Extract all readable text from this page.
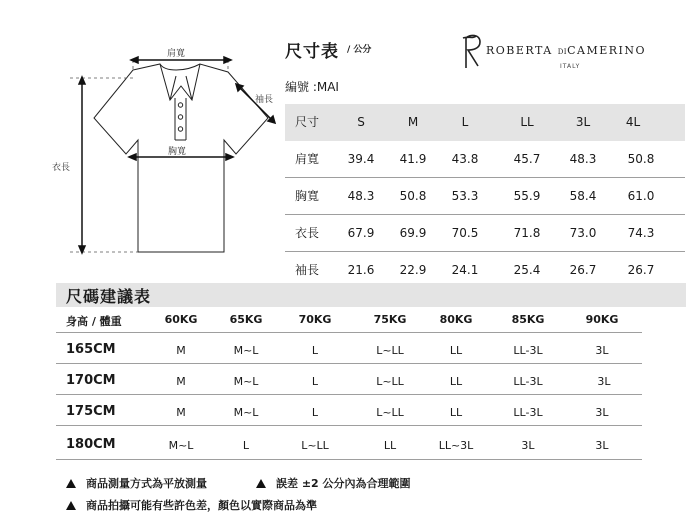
肩寬
袖長
胸寬
衣長
尺寸表 / 公分
編號 :MAI
ROBERTA DICAMERINO
ITALY
尺寸	S	M	L	LL	3L	4L
肩寬	39.4	41.9	43.8	45.7	48.3	50.8
胸寬	48.3	50.8	53.3	55.9	58.4	61.0
衣長	67.9	69.9	70.5	71.8	73.0	74.3
袖長	21.6	22.9	24.1	25.4	26.7	26.7
尺碼建議表
身高 / 體重	60KG	65KG	70KG	75KG	80KG	85KG	90KG
165CM	M	M~L	L	L~LL	LL	LL-3L	3L
170CM	M	M~L	L	L~LL	LL	LL-3L	3L
175CM	M	M~L	L	L~LL	LL	LL-3L	3L
180CM	M~L	L	L~LL	LL	LL~3L	3L	3L
商品測量方式為平放測量	誤差 ±2 公分內為合理範圍
商品拍攝可能有些許色差，顏色以實際商品為準
